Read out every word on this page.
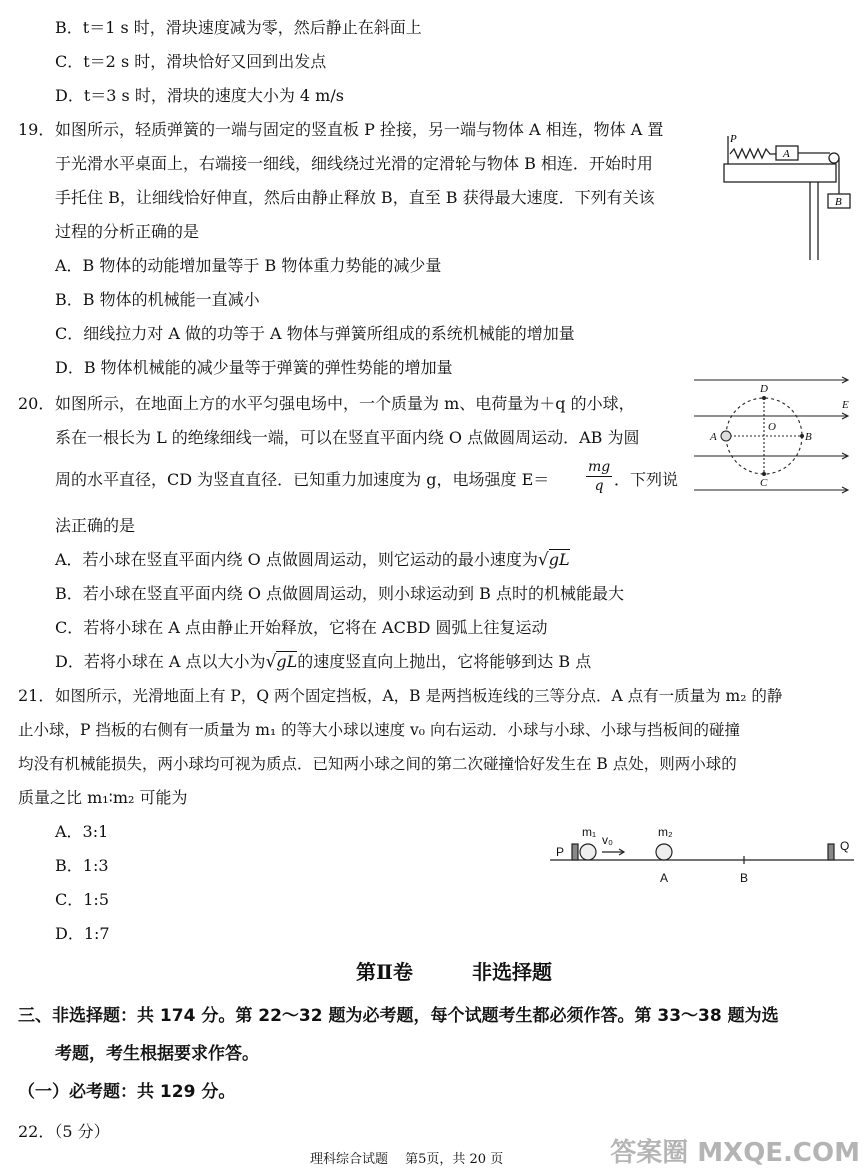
B．t＝1 s 时，滑块速度减为零，然后静止在斜面上
C．t＝2 s 时，滑块恰好又回到出发点
D．t＝3 s 时，滑块的速度大小为 4 m/s
19． 如图所示，轻质弹簧的一端与固定的竖直板 P 拴接，另一端与物体 A 相连，物体 A 置
于光滑水平桌面上，右端接一细线，细线绕过光滑的定滑轮与物体 B 相连．开始时用
手托住 B，让细线恰好伸直，然后由静止释放 B，直至 B 获得最大速度．下列有关该
过程的分析正确的是
A．B 物体的动能增加量等于 B 物体重力势能的减少量
B．B 物体的机械能一直减小
C．细线拉力对 A 做的功等于 A 物体与弹簧所组成的系统机械能的增加量
D．B 物体机械能的减少量等于弹簧的弹性势能的增加量
P
A
B
20． 如图所示，在地面上方的水平匀强电场中，一个质量为 m、电荷量为＋q 的小球，
系在一根长为 L 的绝缘细线一端，可以在竖直平面内绕 O 点做圆周运动．AB 为圆
周的水平直径，CD 为竖直直径．已知重力加速度为 g，电场强度 E＝	$\frac{mg}{q}$ ．下列说
法正确的是
A．若小球在竖直平面内绕 O 点做圆周运动，则它运动的最小速度为√gL
B．若小球在竖直平面内绕 O 点做圆周运动，则小球运动到 B 点时的机械能最大
C．若将小球在 A 点由静止开始释放，它将在 ACBD 圆弧上往复运动
D．若将小球在 A 点以大小为√gL的速度竖直向上抛出，它将能够到达 B 点
D
O
A	B
C
E
21． 如图所示，光滑地面上有 P，Q 两个固定挡板，A，B 是两挡板连线的三等分点．A 点有一质量为 m₂ 的静
止小球，P 挡板的右侧有一质量为 m₁ 的等大小球以速度 v₀ 向右运动．小球与小球、小球与挡板间的碰撞
均没有机械能损失，两小球均可视为质点．已知两小球之间的第二次碰撞恰好发生在 B 点处，则两小球的
质量之比 m₁∶m₂ 可能为
A．3:1
B．1:3
C．1:5
D．1:7
P
m₁
v₀
m₂
A	B
Q
第Ⅱ卷	非选择题
三、非选择题：共 174 分。第 22～32 题为必考题，每个试题考生都必须作答。第 33～38 题为选
考题，考生根据要求作答。
（一）必考题：共 129 分。
22．（5 分）
理科综合试题　 第5页，共 20 页	答案圈 MXQE.COM
